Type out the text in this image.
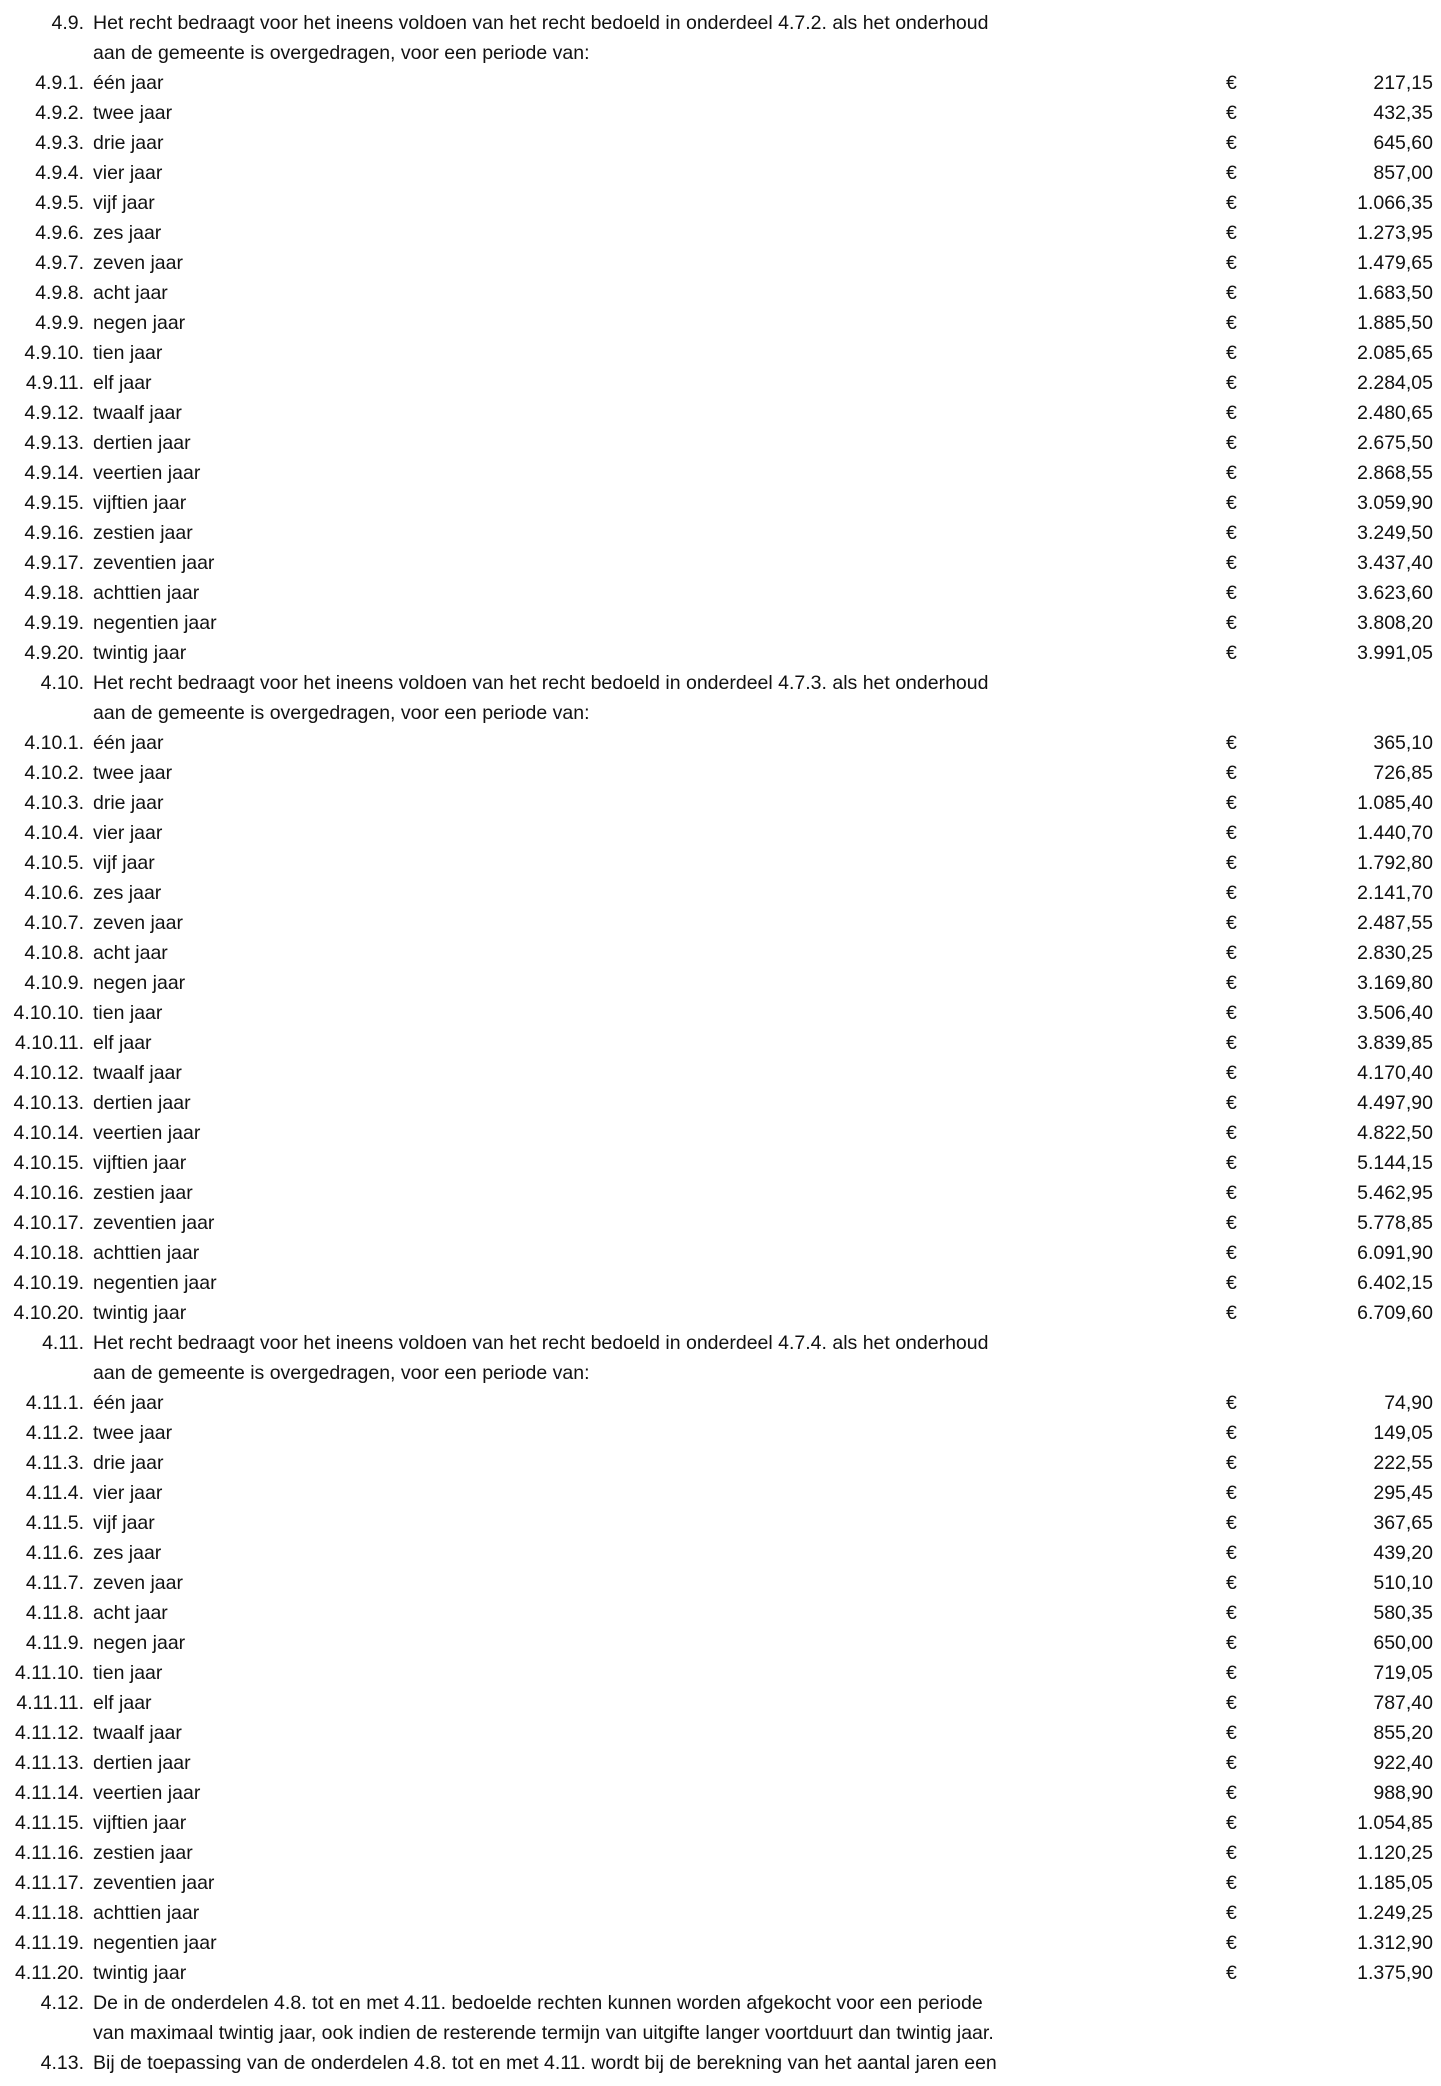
4.9. Het recht bedraagt voor het ineens voldoen van het recht bedoeld in onderdeel 4.7.2. als het onderhoud
aan de gemeente is overgedragen, voor een periode van:
4.9.1. één jaar	€	217,15
4.9.2. twee jaar	€	432,35
4.9.3. drie jaar	€	645,60
4.9.4. vier jaar	€	857,00
4.9.5. vijf jaar	€	1.066,35
4.9.6. zes jaar	€	1.273,95
4.9.7. zeven jaar	€	1.479,65
4.9.8. acht jaar	€	1.683,50
4.9.9. negen jaar	€	1.885,50
4.9.10. tien jaar	€	2.085,65
4.9.11. elf jaar	€	2.284,05
4.9.12. twaalf jaar	€	2.480,65
4.9.13. dertien jaar	€	2.675,50
4.9.14. veertien jaar	€	2.868,55
4.9.15. vijftien jaar	€	3.059,90
4.9.16. zestien jaar	€	3.249,50
4.9.17. zeventien jaar	€	3.437,40
4.9.18. achttien jaar	€	3.623,60
4.9.19. negentien jaar	€	3.808,20
4.9.20. twintig jaar	€	3.991,05
4.10. Het recht bedraagt voor het ineens voldoen van het recht bedoeld in onderdeel 4.7.3. als het onderhoud
aan de gemeente is overgedragen, voor een periode van:
4.10.1. één jaar	€	365,10
4.10.2. twee jaar	€	726,85
4.10.3. drie jaar	€	1.085,40
4.10.4. vier jaar	€	1.440,70
4.10.5. vijf jaar	€	1.792,80
4.10.6. zes jaar	€	2.141,70
4.10.7. zeven jaar	€	2.487,55
4.10.8. acht jaar	€	2.830,25
4.10.9. negen jaar	€	3.169,80
4.10.10. tien jaar	€	3.506,40
4.10.11. elf jaar	€	3.839,85
4.10.12. twaalf jaar	€	4.170,40
4.10.13. dertien jaar	€	4.497,90
4.10.14. veertien jaar	€	4.822,50
4.10.15. vijftien jaar	€	5.144,15
4.10.16. zestien jaar	€	5.462,95
4.10.17. zeventien jaar	€	5.778,85
4.10.18. achttien jaar	€	6.091,90
4.10.19. negentien jaar	€	6.402,15
4.10.20. twintig jaar	€	6.709,60
4.11. Het recht bedraagt voor het ineens voldoen van het recht bedoeld in onderdeel 4.7.4. als het onderhoud
aan de gemeente is overgedragen, voor een periode van:
4.11.1. één jaar	€	74,90
4.11.2. twee jaar	€	149,05
4.11.3. drie jaar	€	222,55
4.11.4. vier jaar	€	295,45
4.11.5. vijf jaar	€	367,65
4.11.6. zes jaar	€	439,20
4.11.7. zeven jaar	€	510,10
4.11.8. acht jaar	€	580,35
4.11.9. negen jaar	€	650,00
4.11.10. tien jaar	€	719,05
4.11.11. elf jaar	€	787,40
4.11.12. twaalf jaar	€	855,20
4.11.13. dertien jaar	€	922,40
4.11.14. veertien jaar	€	988,90
4.11.15. vijftien jaar	€	1.054,85
4.11.16. zestien jaar	€	1.120,25
4.11.17. zeventien jaar	€	1.185,05
4.11.18. achttien jaar	€	1.249,25
4.11.19. negentien jaar	€	1.312,90
4.11.20. twintig jaar	€	1.375,90
4.12. De in de onderdelen 4.8. tot en met 4.11. bedoelde rechten kunnen worden afgekocht voor een periode
van maximaal twintig jaar, ook indien de resterende termijn van uitgifte langer voortduurt dan twintig jaar.
4.13. Bij de toepassing van de onderdelen 4.8. tot en met 4.11. wordt bij de berekning van het aantal jaren een
